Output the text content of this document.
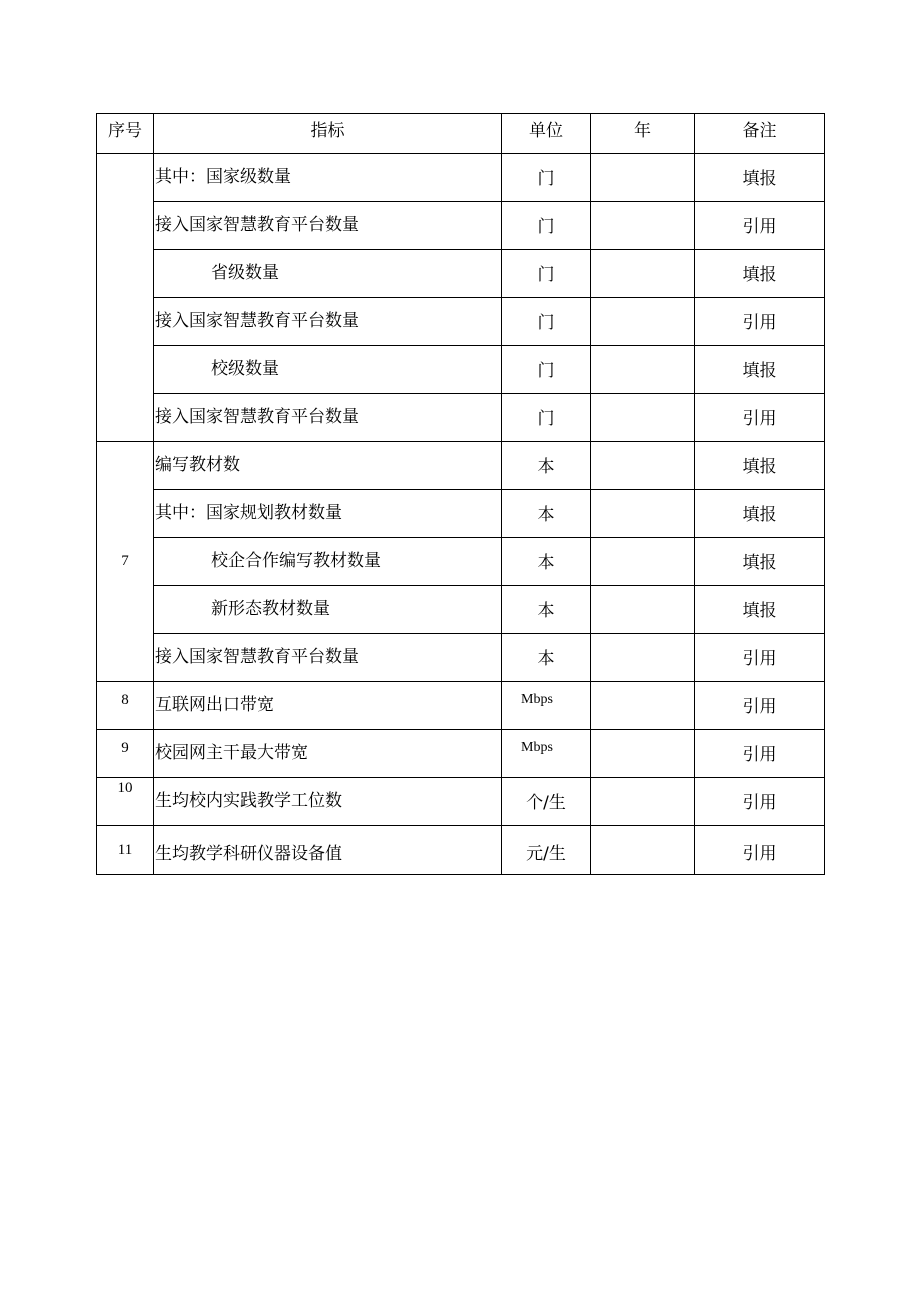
序号	指标	单位	年	备注
	其中：国家级数量	门		填报
	接入国家智慧教育平台数量	门		引用
	省级数量	门		填报
	接入国家智慧教育平台数量	门		引用
	校级数量	门		填报
	接入国家智慧教育平台数量	门		引用
7	编写教材数	本		填报
	其中：国家规划教材数量	本		填报
	校企合作编写教材数量	本		填报
	新形态教材数量	本		填报
	接入国家智慧教育平台数量	本		引用
8	互联网出口带宽	Mbps		引用
9	校园网主干最大带宽	Mbps		引用
10	生均校内实践教学工位数	个/生		引用
11	生均教学科研仪器设备值	元/生		引用
